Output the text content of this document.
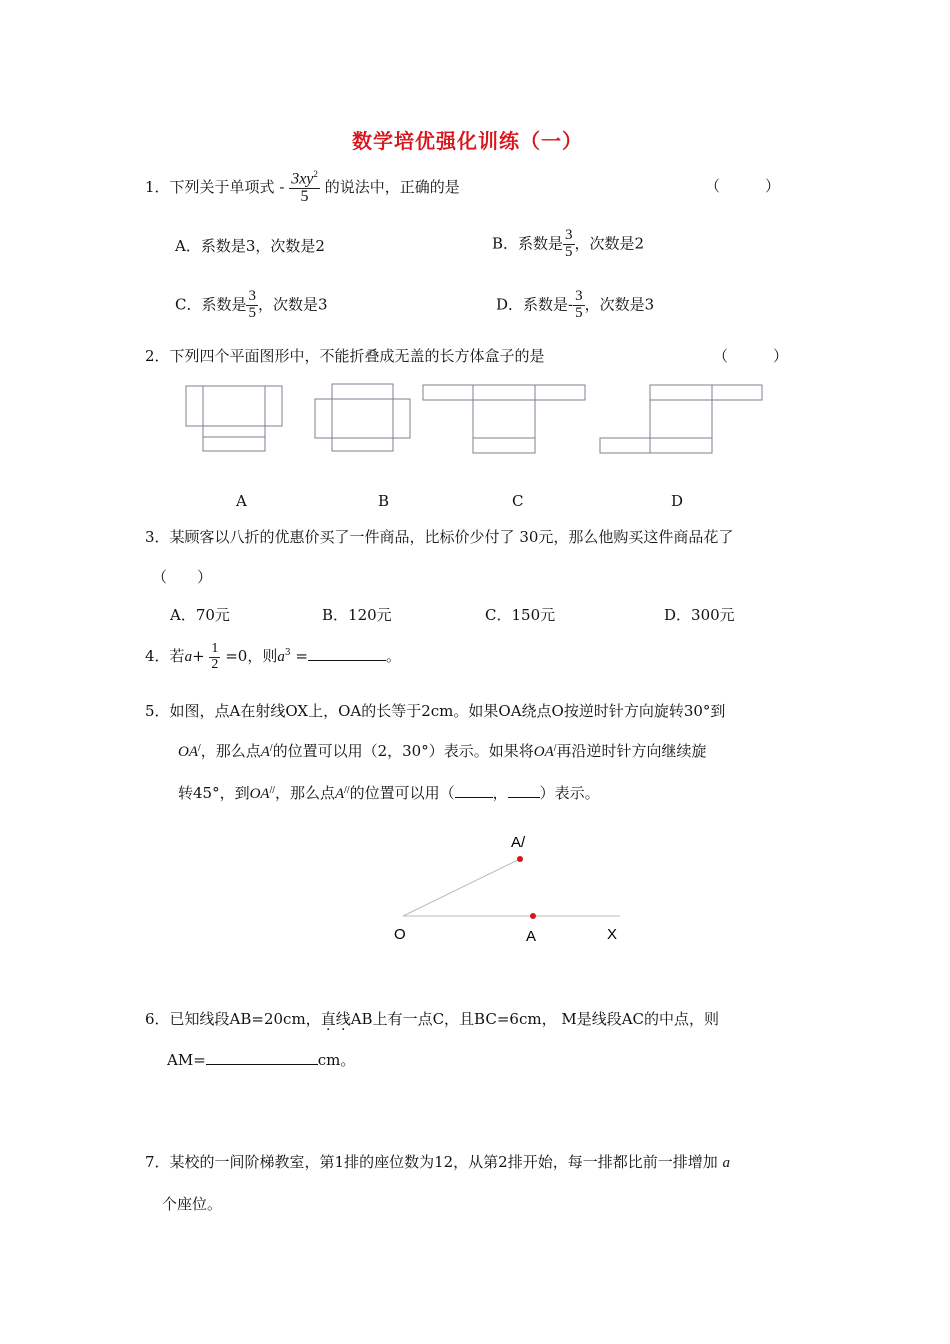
数学培优强化训练（一）
1．下列关于单项式 - $\frac{3xy^2}{5}$ 的说法中，正确的是	（　　　）
A．系数是3，次数是2	B．系数是 $\frac{3}{5}$ ，次数是2
C．系数是 $\frac{3}{5}$ ，次数是3	D．系数是- $\frac{3}{5}$ ，次数是3
2．下列四个平面图形中，不能折叠成无盖的长方体盒子的是	（　　　）
A	B	C	D
3．某顾客以八折的优惠价买了一件商品，比标价少付了 30元，那么他购买这件商品花了
（　　）
A．70元	B．120元	C．150元	D．300元
4．若$a+ \frac{1}{2} =0$，则$a^3$ =	。
5．如图，点A在射线OX上，OA的长等于2cm。如果OA绕点O按逆时针方向旋转30°到
OA/，那么点A/的位置可以用（2，30°）表示。如果将OA/再沿逆时针方向继续旋
转45°，到OA//，那么点A//的位置可以用（	， ）表示。
A/
O	A	X
6．已知线段AB=20cm，直线AB上有一点C，且BC=6cm， M是线段AC的中点，则
AM=	cm。
7．某校的一间阶梯教室，第1排的座位数为12，从第2排开始，每一排都比前一排增加 a
个座位。
